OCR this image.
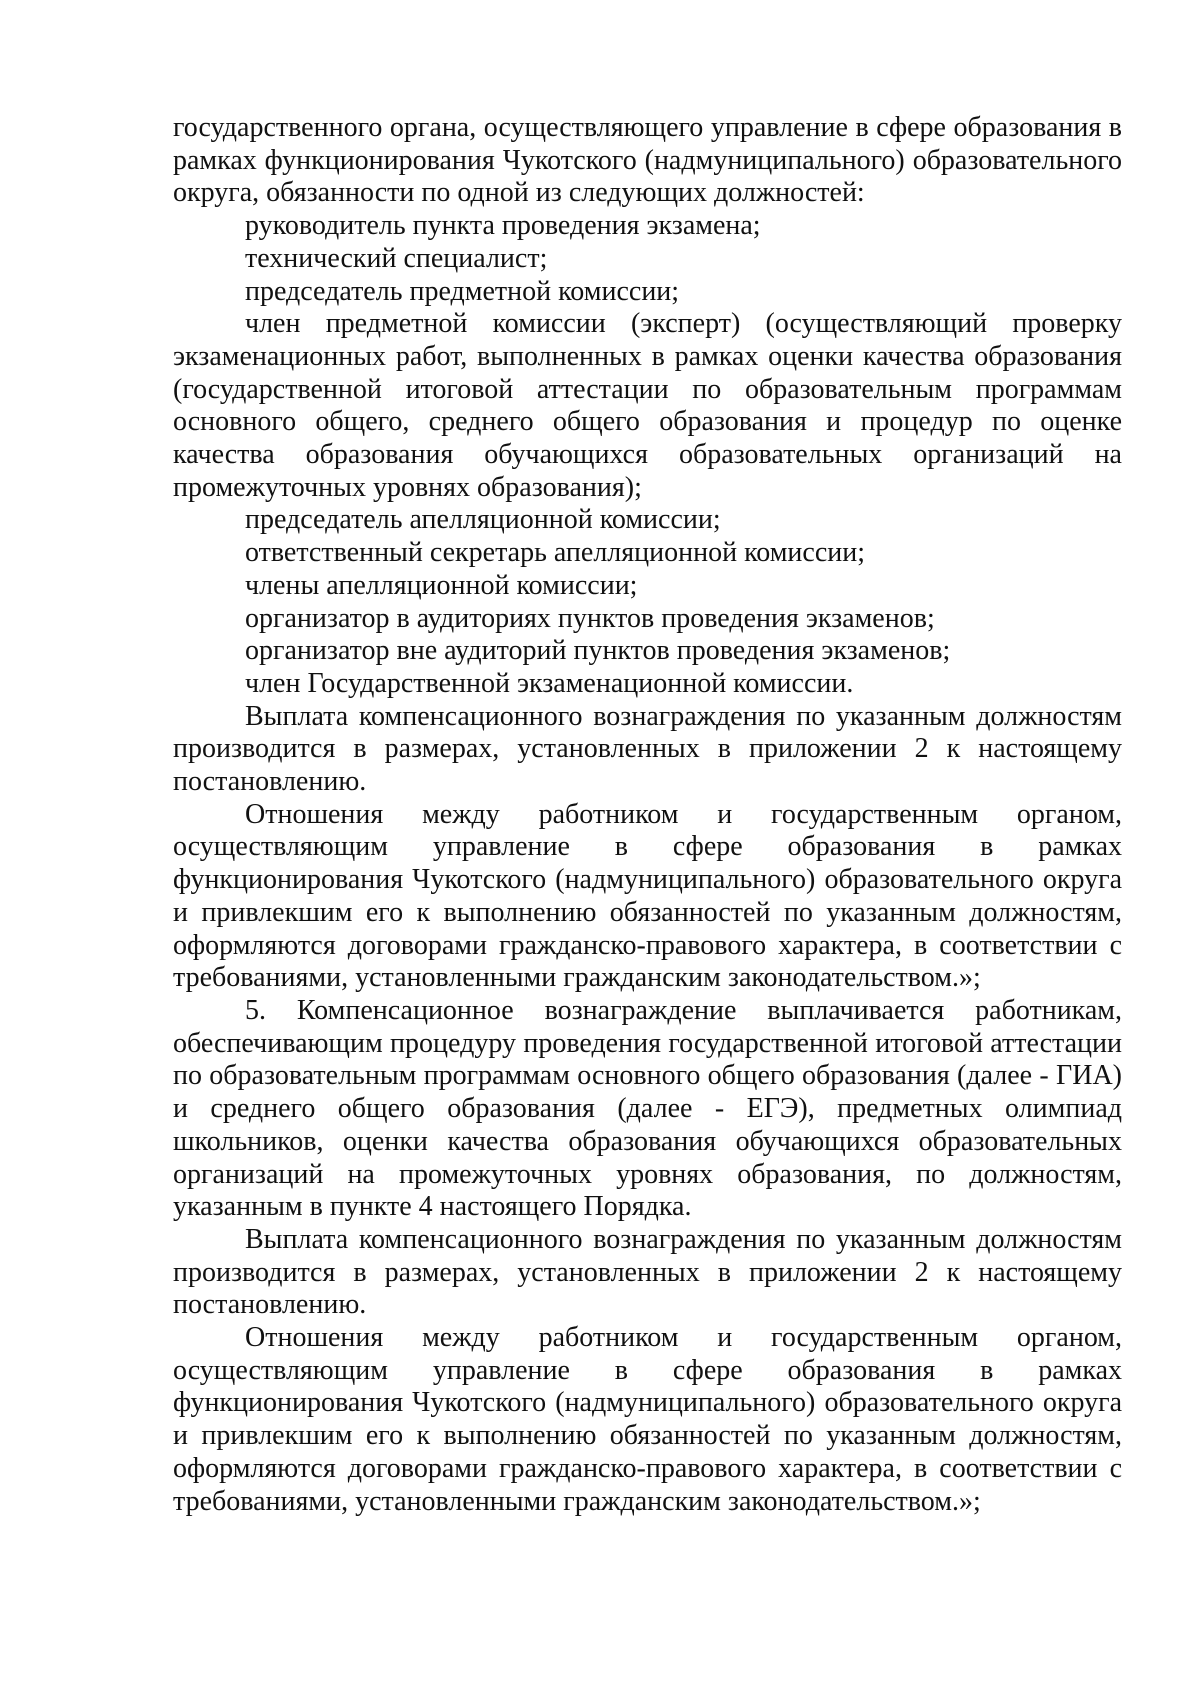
государственного органа, осуществляющего управление в сфере образования в рамках функционирования Чукотского (надмуниципального) образовательного округа, обязанности по одной из следующих должностей:

руководитель пункта проведения экзамена;

технический специалист;

председатель предметной комиссии;

член предметной комиссии (эксперт) (осуществляющий проверку экзаменационных работ, выполненных в рамках оценки качества образования (государственной итоговой аттестации по образовательным программам основного общего, среднего общего образования и процедур по оценке качества образования обучающихся образовательных организаций на промежуточных уровнях образования);

председатель апелляционной комиссии;

ответственный секретарь апелляционной комиссии;

члены апелляционной комиссии;

организатор в аудиториях пунктов проведения экзаменов;

организатор вне аудиторий пунктов проведения экзаменов;

член Государственной экзаменационной комиссии.

Выплата компенсационного вознаграждения по указанным должностям производится в размерах, установленных в приложении 2 к настоящему постановлению.

Отношения между работником и государственным органом, осуществляющим управление в сфере образования в рамках функционирования Чукотского (надмуниципального) образовательного округа и привлекшим его к выполнению обязанностей по указанным должностям, оформляются договорами гражданско-правового характера, в соответствии с требованиями, установленными гражданским законодательством.»;

5. Компенсационное вознаграждение выплачивается работникам, обеспечивающим процедуру проведения государственной итоговой аттестации по образовательным программам основного общего образования (далее - ГИА) и среднего общего образования (далее - ЕГЭ), предметных олимпиад школьников, оценки качества образования обучающихся образовательных организаций на промежуточных уровнях образования, по должностям, указанным в пункте 4 настоящего Порядка.

Выплата компенсационного вознаграждения по указанным должностям производится в размерах, установленных в приложении 2 к настоящему постановлению.

Отношения между работником и государственным органом, осуществляющим управление в сфере образования в рамках функционирования Чукотского (надмуниципального) образовательного округа и привлекшим его к выполнению обязанностей по указанным должностям, оформляются договорами гражданско-правового характера, в соответствии с требованиями, установленными гражданским законодательством.»;
